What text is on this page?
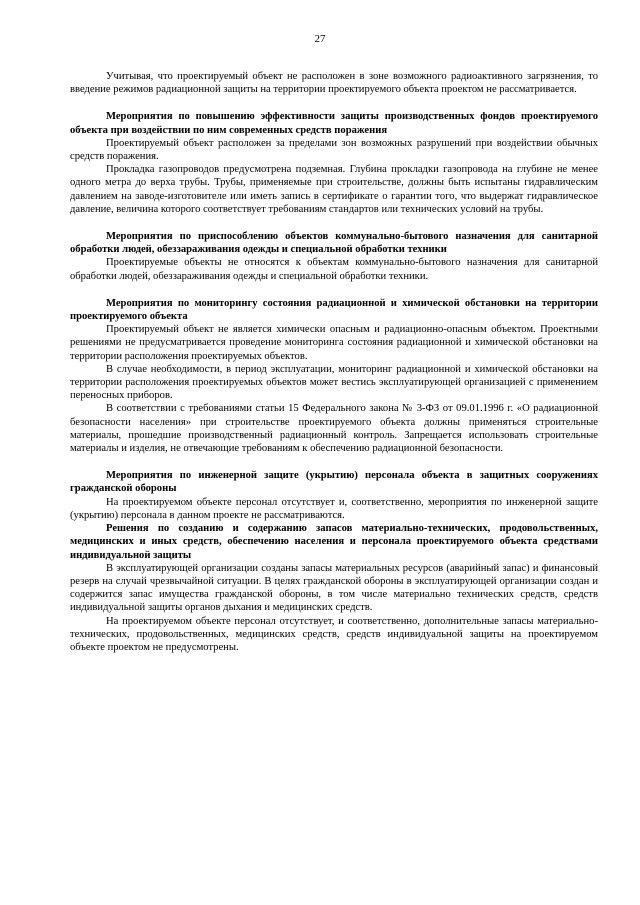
27

Учитывая, что проектируемый объект не расположен в зоне возможного радиоактивного загрязнения, то введение режимов радиационной защиты на территории проектируемого объекта проектом не рассматривается.

Мероприятия по повышению эффективности защиты производственных фондов проектируемого объекта при воздействии по ним современных средств поражения

Проектируемый объект расположен за пределами зон возможных разрушений при воздействии обычных средств поражения.

Прокладка газопроводов предусмотрена подземная. Глубина прокладки газопровода на глубине не менее одного метра до верха трубы. Трубы, применяемые при строительстве, должны быть испытаны гидравлическим давлением на заводе-изготовителе или иметь запись в сертификате о гарантии того, что выдержат гидравлическое давление, величина которого соответствует требованиям стандартов или технических условий на трубы.

Мероприятия по приспособлению объектов коммунально-бытового назначения для санитарной обработки людей, обеззараживания одежды и специальной обработки техники

Проектируемые объекты не относятся к объектам коммунально-бытового назначения для санитарной обработки людей, обеззараживания одежды и специальной обработки техники.

Мероприятия по мониторингу состояния радиационной и химической обстановки на территории проектируемого объекта

Проектируемый объект не является химически опасным и радиационно-опасным объектом. Проектными решениями не предусматривается проведение мониторинга состояния радиационной и химической обстановки на территории расположения проектируемых объектов.

В случае необходимости, в период эксплуатации, мониторинг радиационной и химической обстановки на территории расположения проектируемых объектов может вестись эксплуатирующей организацией с применением переносных приборов.

В соответствии с требованиями статьи 15 Федерального закона № 3-ФЗ от 09.01.1996 г. «О радиационной безопасности населения» при строительстве проектируемого объекта должны применяться строительные материалы, прошедшие производственный радиационный контроль. Запрещается использовать строительные материалы и изделия, не отвечающие требованиям к обеспечению радиационной безопасности.

Мероприятия по инженерной защите (укрытию) персонала объекта в защитных сооружениях гражданской обороны

На проектируемом объекте персонал отсутствует и, соответственно, мероприятия по инженерной защите (укрытию) персонала в данном проекте не рассматриваются.

Решения по созданию и содержанию запасов материально-технических, продовольственных, медицинских и иных средств, обеспечению населения и персонала проектируемого объекта средствами индивидуальной защиты

В эксплуатирующей организации созданы запасы материальных ресурсов (аварийный запас) и финансовый резерв на случай чрезвычайной ситуации. В целях гражданской обороны в эксплуатирующей организации создан и содержится запас имущества гражданской обороны, в том числе материально технических средств, средств индивидуальной защиты органов дыхания и медицинских средств.

На проектируемом объекте персонал отсутствует, и соответственно, дополнительные запасы материально-технических, продовольственных, медицинских средств, средств индивидуальной защиты на проектируемом объекте проектом не предусмотрены.
